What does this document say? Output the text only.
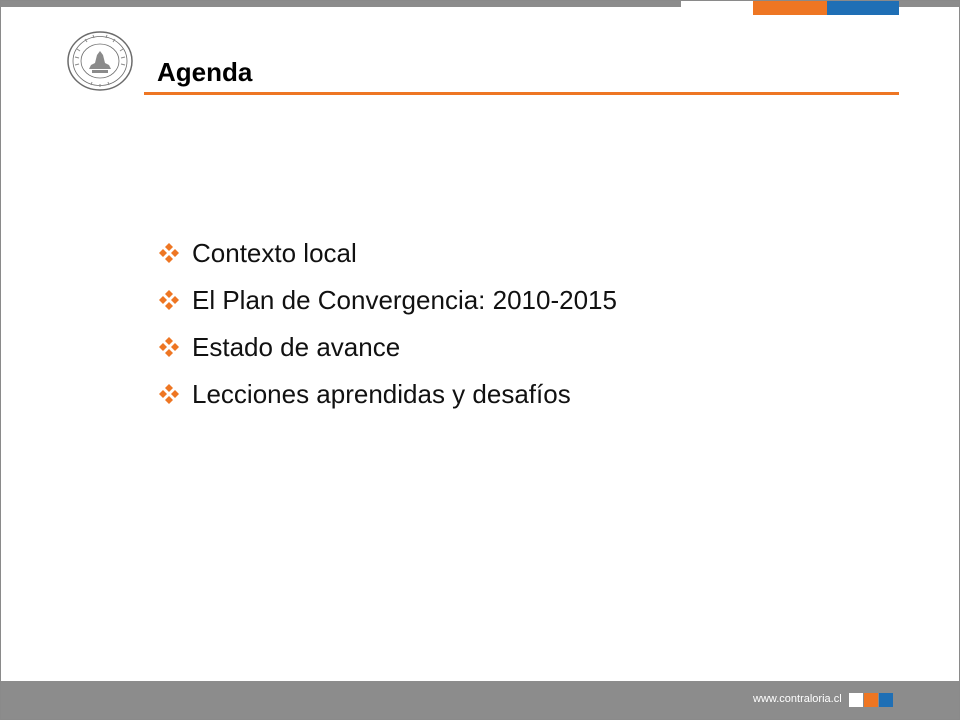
Agenda
Contexto local
El Plan de Convergencia: 2010-2015
Estado de avance
Lecciones aprendidas y desafíos
www.contraloria.cl
